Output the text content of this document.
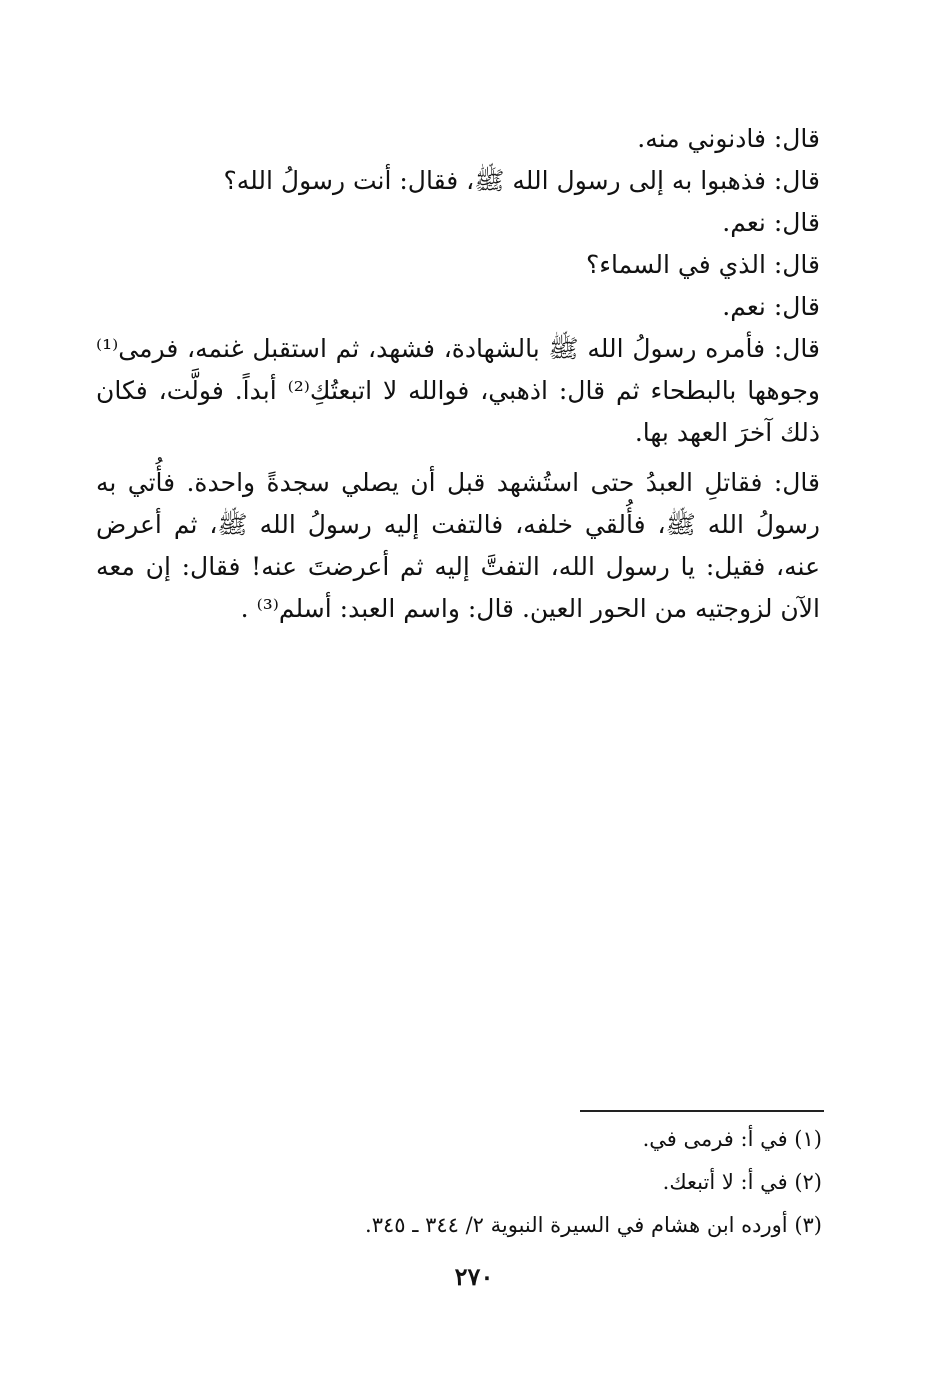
قال: فادنوني منه.

قال: فذهبوا به إلى رسول الله ﷺ، فقال: أنت رسولُ الله؟

قال: نعم.

قال: الذي في السماء؟

قال: نعم.

قال: فأمره رسولُ الله ﷺ بالشهادة، فشهد، ثم استقبل غنمه، فرمى⁽¹⁾ وجوهها بالبطحاء ثم قال: اذهبي، فوالله لا اتبعتُكِ⁽²⁾ أبداً. فولَّت، فكان ذلك آخرَ العهد بها.

قال: فقاتلِ العبدُ حتى استُشهد قبل أن يصلي سجدةً واحدة. فأُتي به رسولُ الله ﷺ، فأُلقي خلفه، فالتفت إليه رسولُ الله ﷺ، ثم أعرض عنه، فقيل: يا رسول الله، التفتَّ إليه ثم أعرضتَ عنه! فقال: إن معه الآن لزوجتيه من الحور العين. قال: واسم العبد: أسلم⁽³⁾ .

(١) في أ: فرمى في.

(٢) في أ: لا أتبعك.

(٣) أورده ابن هشام في السيرة النبوية ٢/ ٣٤٤ ـ ٣٤٥.

٢٧٠
